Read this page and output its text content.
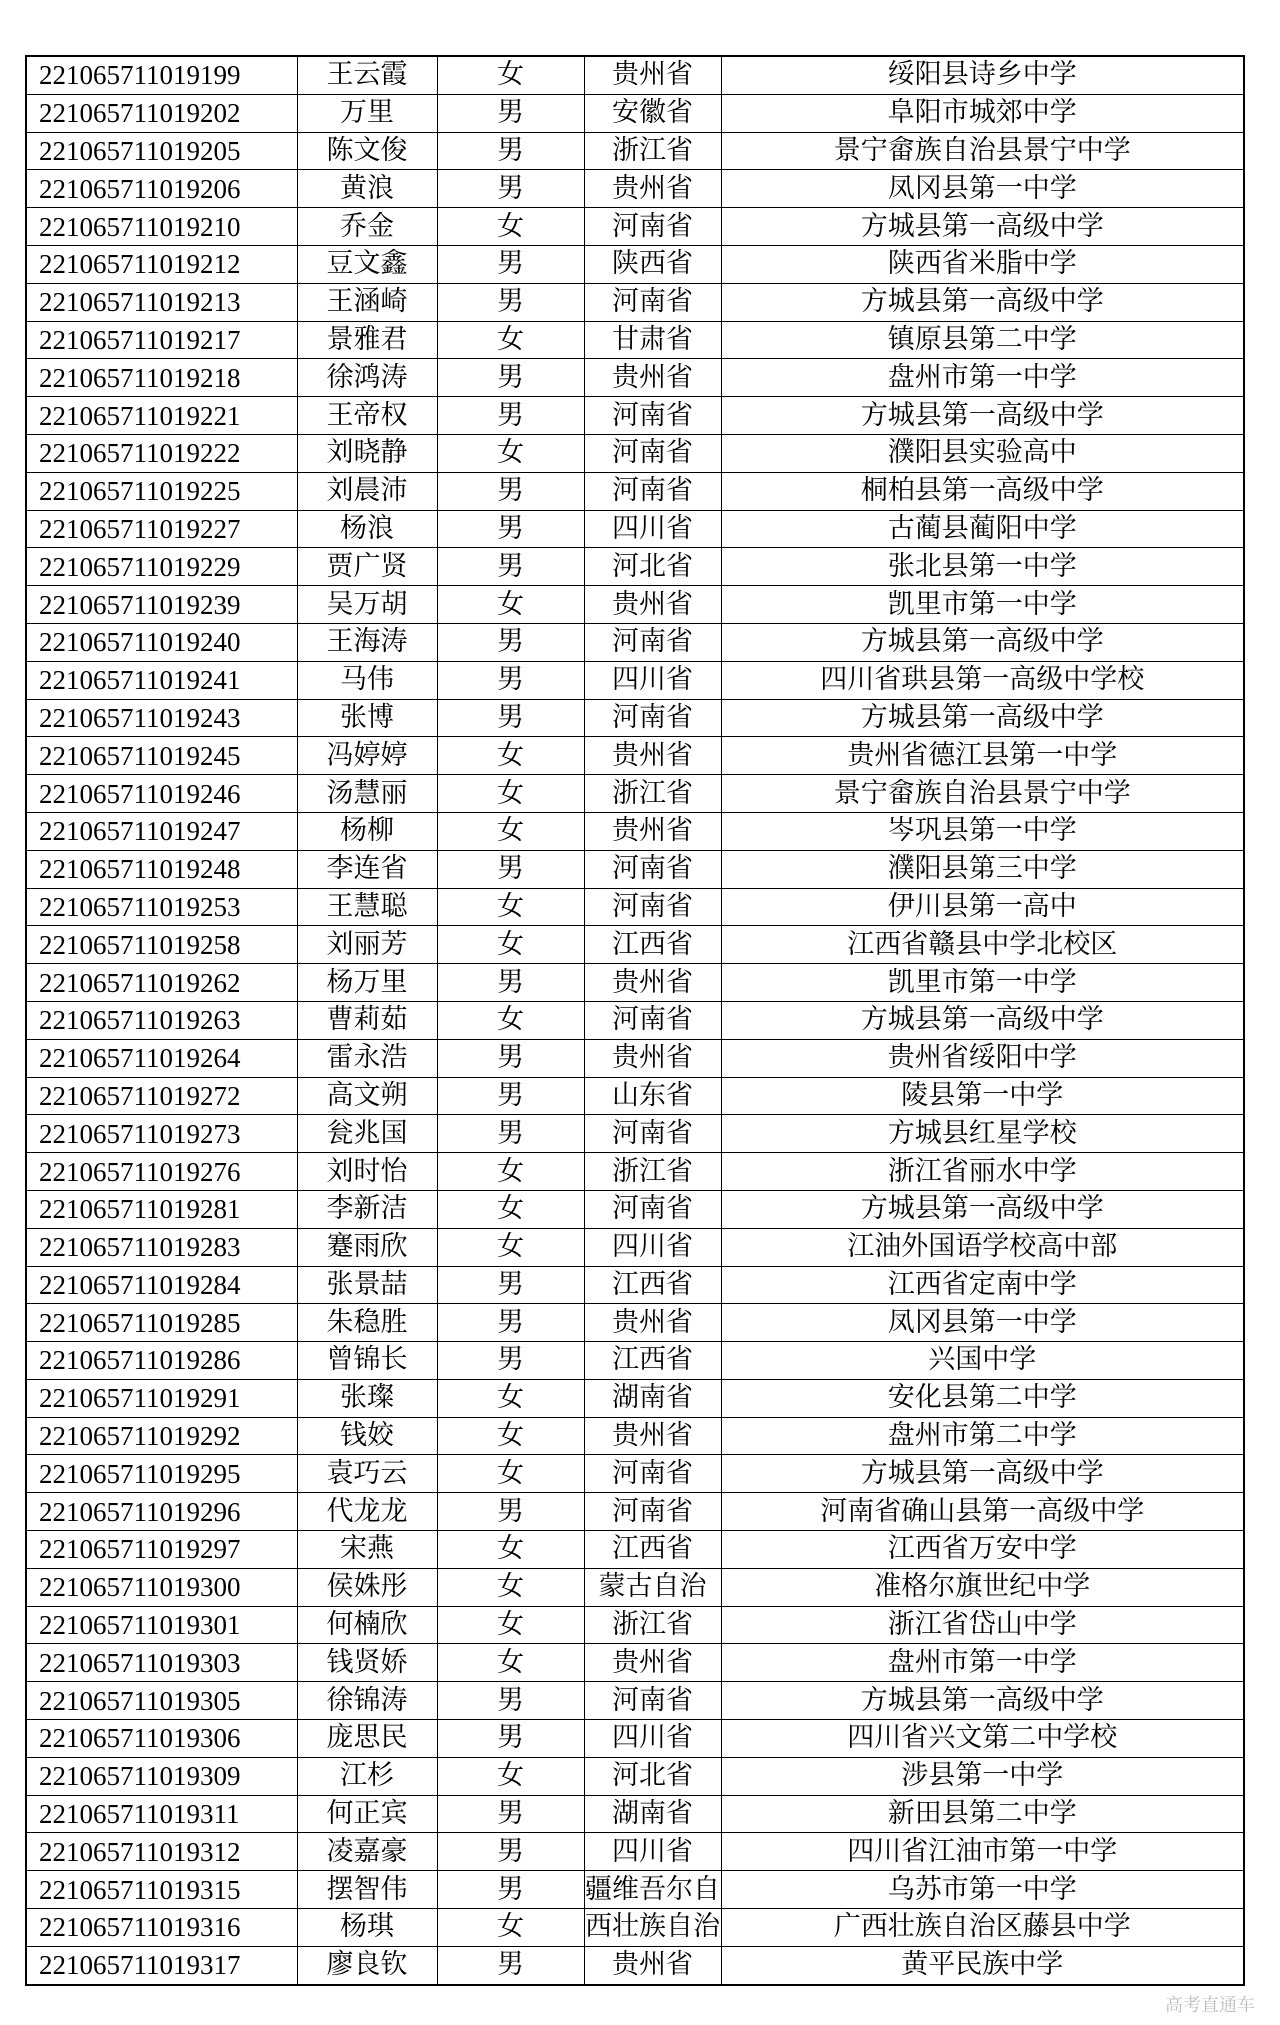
221065711019199	王云霞	女	贵州省	绥阳县诗乡中学
221065711019202	万里	男	安徽省	阜阳市城郊中学
221065711019205	陈文俊	男	浙江省	景宁畲族自治县景宁中学
221065711019206	黄浪	男	贵州省	凤冈县第一中学
221065711019210	乔金	女	河南省	方城县第一高级中学
221065711019212	豆文鑫	男	陕西省	陕西省米脂中学
221065711019213	王涵崎	男	河南省	方城县第一高级中学
221065711019217	景雅君	女	甘肃省	镇原县第二中学
221065711019218	徐鸿涛	男	贵州省	盘州市第一中学
221065711019221	王帝权	男	河南省	方城县第一高级中学
221065711019222	刘晓静	女	河南省	濮阳县实验高中
221065711019225	刘晨沛	男	河南省	桐柏县第一高级中学
221065711019227	杨浪	男	四川省	古蔺县蔺阳中学
221065711019229	贾广贤	男	河北省	张北县第一中学
221065711019239	吴万胡	女	贵州省	凯里市第一中学
221065711019240	王海涛	男	河南省	方城县第一高级中学
221065711019241	马伟	男	四川省	四川省珙县第一高级中学校
221065711019243	张博	男	河南省	方城县第一高级中学
221065711019245	冯婷婷	女	贵州省	贵州省德江县第一中学
221065711019246	汤慧丽	女	浙江省	景宁畲族自治县景宁中学
221065711019247	杨柳	女	贵州省	岑巩县第一中学
221065711019248	李连省	男	河南省	濮阳县第三中学
221065711019253	王慧聪	女	河南省	伊川县第一高中
221065711019258	刘丽芳	女	江西省	江西省赣县中学北校区
221065711019262	杨万里	男	贵州省	凯里市第一中学
221065711019263	曹莉茹	女	河南省	方城县第一高级中学
221065711019264	雷永浩	男	贵州省	贵州省绥阳中学
221065711019272	高文朔	男	山东省	陵县第一中学
221065711019273	瓮兆国	男	河南省	方城县红星学校
221065711019276	刘时怡	女	浙江省	浙江省丽水中学
221065711019281	李新洁	女	河南省	方城县第一高级中学
221065711019283	蹇雨欣	女	四川省	江油外国语学校高中部
221065711019284	张景喆	男	江西省	江西省定南中学
221065711019285	朱稳胜	男	贵州省	凤冈县第一中学
221065711019286	曾锦长	男	江西省	兴国中学
221065711019291	张璨	女	湖南省	安化县第二中学
221065711019292	钱姣	女	贵州省	盘州市第二中学
221065711019295	袁巧云	女	河南省	方城县第一高级中学
221065711019296	代龙龙	男	河南省	河南省确山县第一高级中学
221065711019297	宋燕	女	江西省	江西省万安中学
221065711019300	侯姝彤	女	蒙古自治	准格尔旗世纪中学
221065711019301	何楠欣	女	浙江省	浙江省岱山中学
221065711019303	钱贤娇	女	贵州省	盘州市第一中学
221065711019305	徐锦涛	男	河南省	方城县第一高级中学
221065711019306	庞思民	男	四川省	四川省兴文第二中学校
221065711019309	江杉	女	河北省	涉县第一中学
221065711019311	何正宾	男	湖南省	新田县第二中学
221065711019312	凌嘉豪	男	四川省	四川省江油市第一中学
221065711019315	摆智伟	男	疆维吾尔自	乌苏市第一中学
221065711019316	杨琪	女	西壮族自治	广西壮族自治区藤县中学
221065711019317	廖良钦	男	贵州省	黄平民族中学
高考直通车
